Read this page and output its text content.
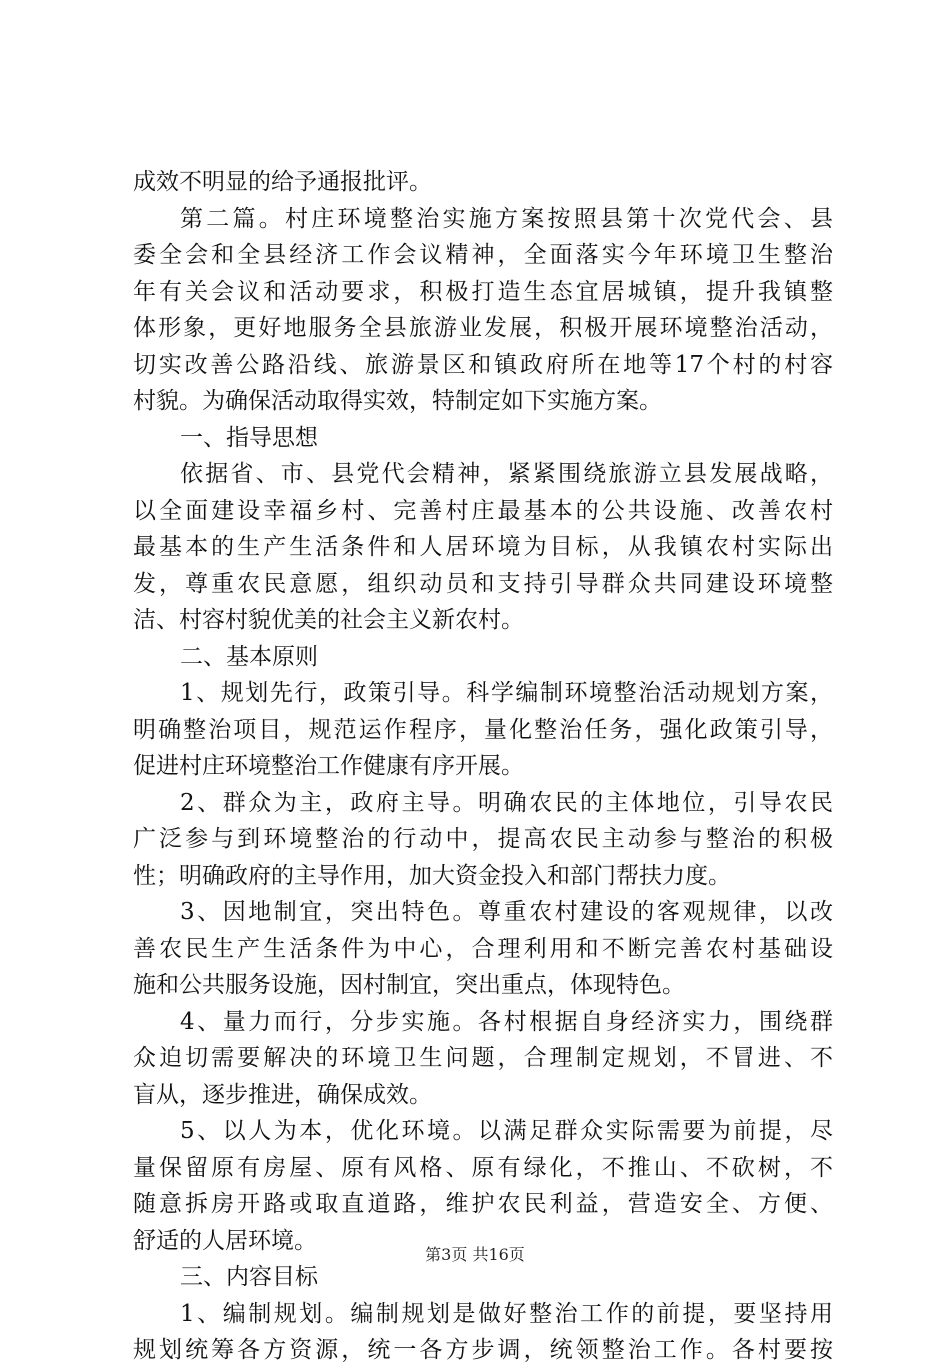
成效不明显的给予通报批评。
第二篇。村庄环境整治实施方案按照县第十次党代会、县
委全会和全县经济工作会议精神，全面落实今年环境卫生整治
年有关会议和活动要求，积极打造生态宜居城镇，提升我镇整
体形象，更好地服务全县旅游业发展，积极开展环境整治活动，
切实改善公路沿线、旅游景区和镇政府所在地等17个村的村容
村貌。为确保活动取得实效，特制定如下实施方案。
一、指导思想
依据省、市、县党代会精神，紧紧围绕旅游立县发展战略，
以全面建设幸福乡村、完善村庄最基本的公共设施、改善农村
最基本的生产生活条件和人居环境为目标，从我镇农村实际出
发，尊重农民意愿，组织动员和支持引导群众共同建设环境整
洁、村容村貌优美的社会主义新农村。
二、基本原则
1、规划先行，政策引导。科学编制环境整治活动规划方案，
明确整治项目，规范运作程序，量化整治任务，强化政策引导，
促进村庄环境整治工作健康有序开展。
2、群众为主，政府主导。明确农民的主体地位，引导农民
广泛参与到环境整治的行动中，提高农民主动参与整治的积极
性；明确政府的主导作用，加大资金投入和部门帮扶力度。
3、因地制宜，突出特色。尊重农村建设的客观规律，以改
善农民生产生活条件为中心，合理利用和不断完善农村基础设
施和公共服务设施，因村制宜，突出重点，体现特色。
4、量力而行，分步实施。各村根据自身经济实力，围绕群
众迫切需要解决的环境卫生问题，合理制定规划，不冒进、不
盲从，逐步推进，确保成效。
5、以人为本，优化环境。以满足群众实际需要为前提，尽
量保留原有房屋、原有风格、原有绿化，不推山、不砍树，不
随意拆房开路或取直道路，维护农民利益，营造安全、方便、
舒适的人居环境。
三、内容目标
1、编制规划。编制规划是做好整治工作的前提，要坚持用
规划统筹各方资源，统一各方步调，统领整治工作。各村要按
第3页 共16页
